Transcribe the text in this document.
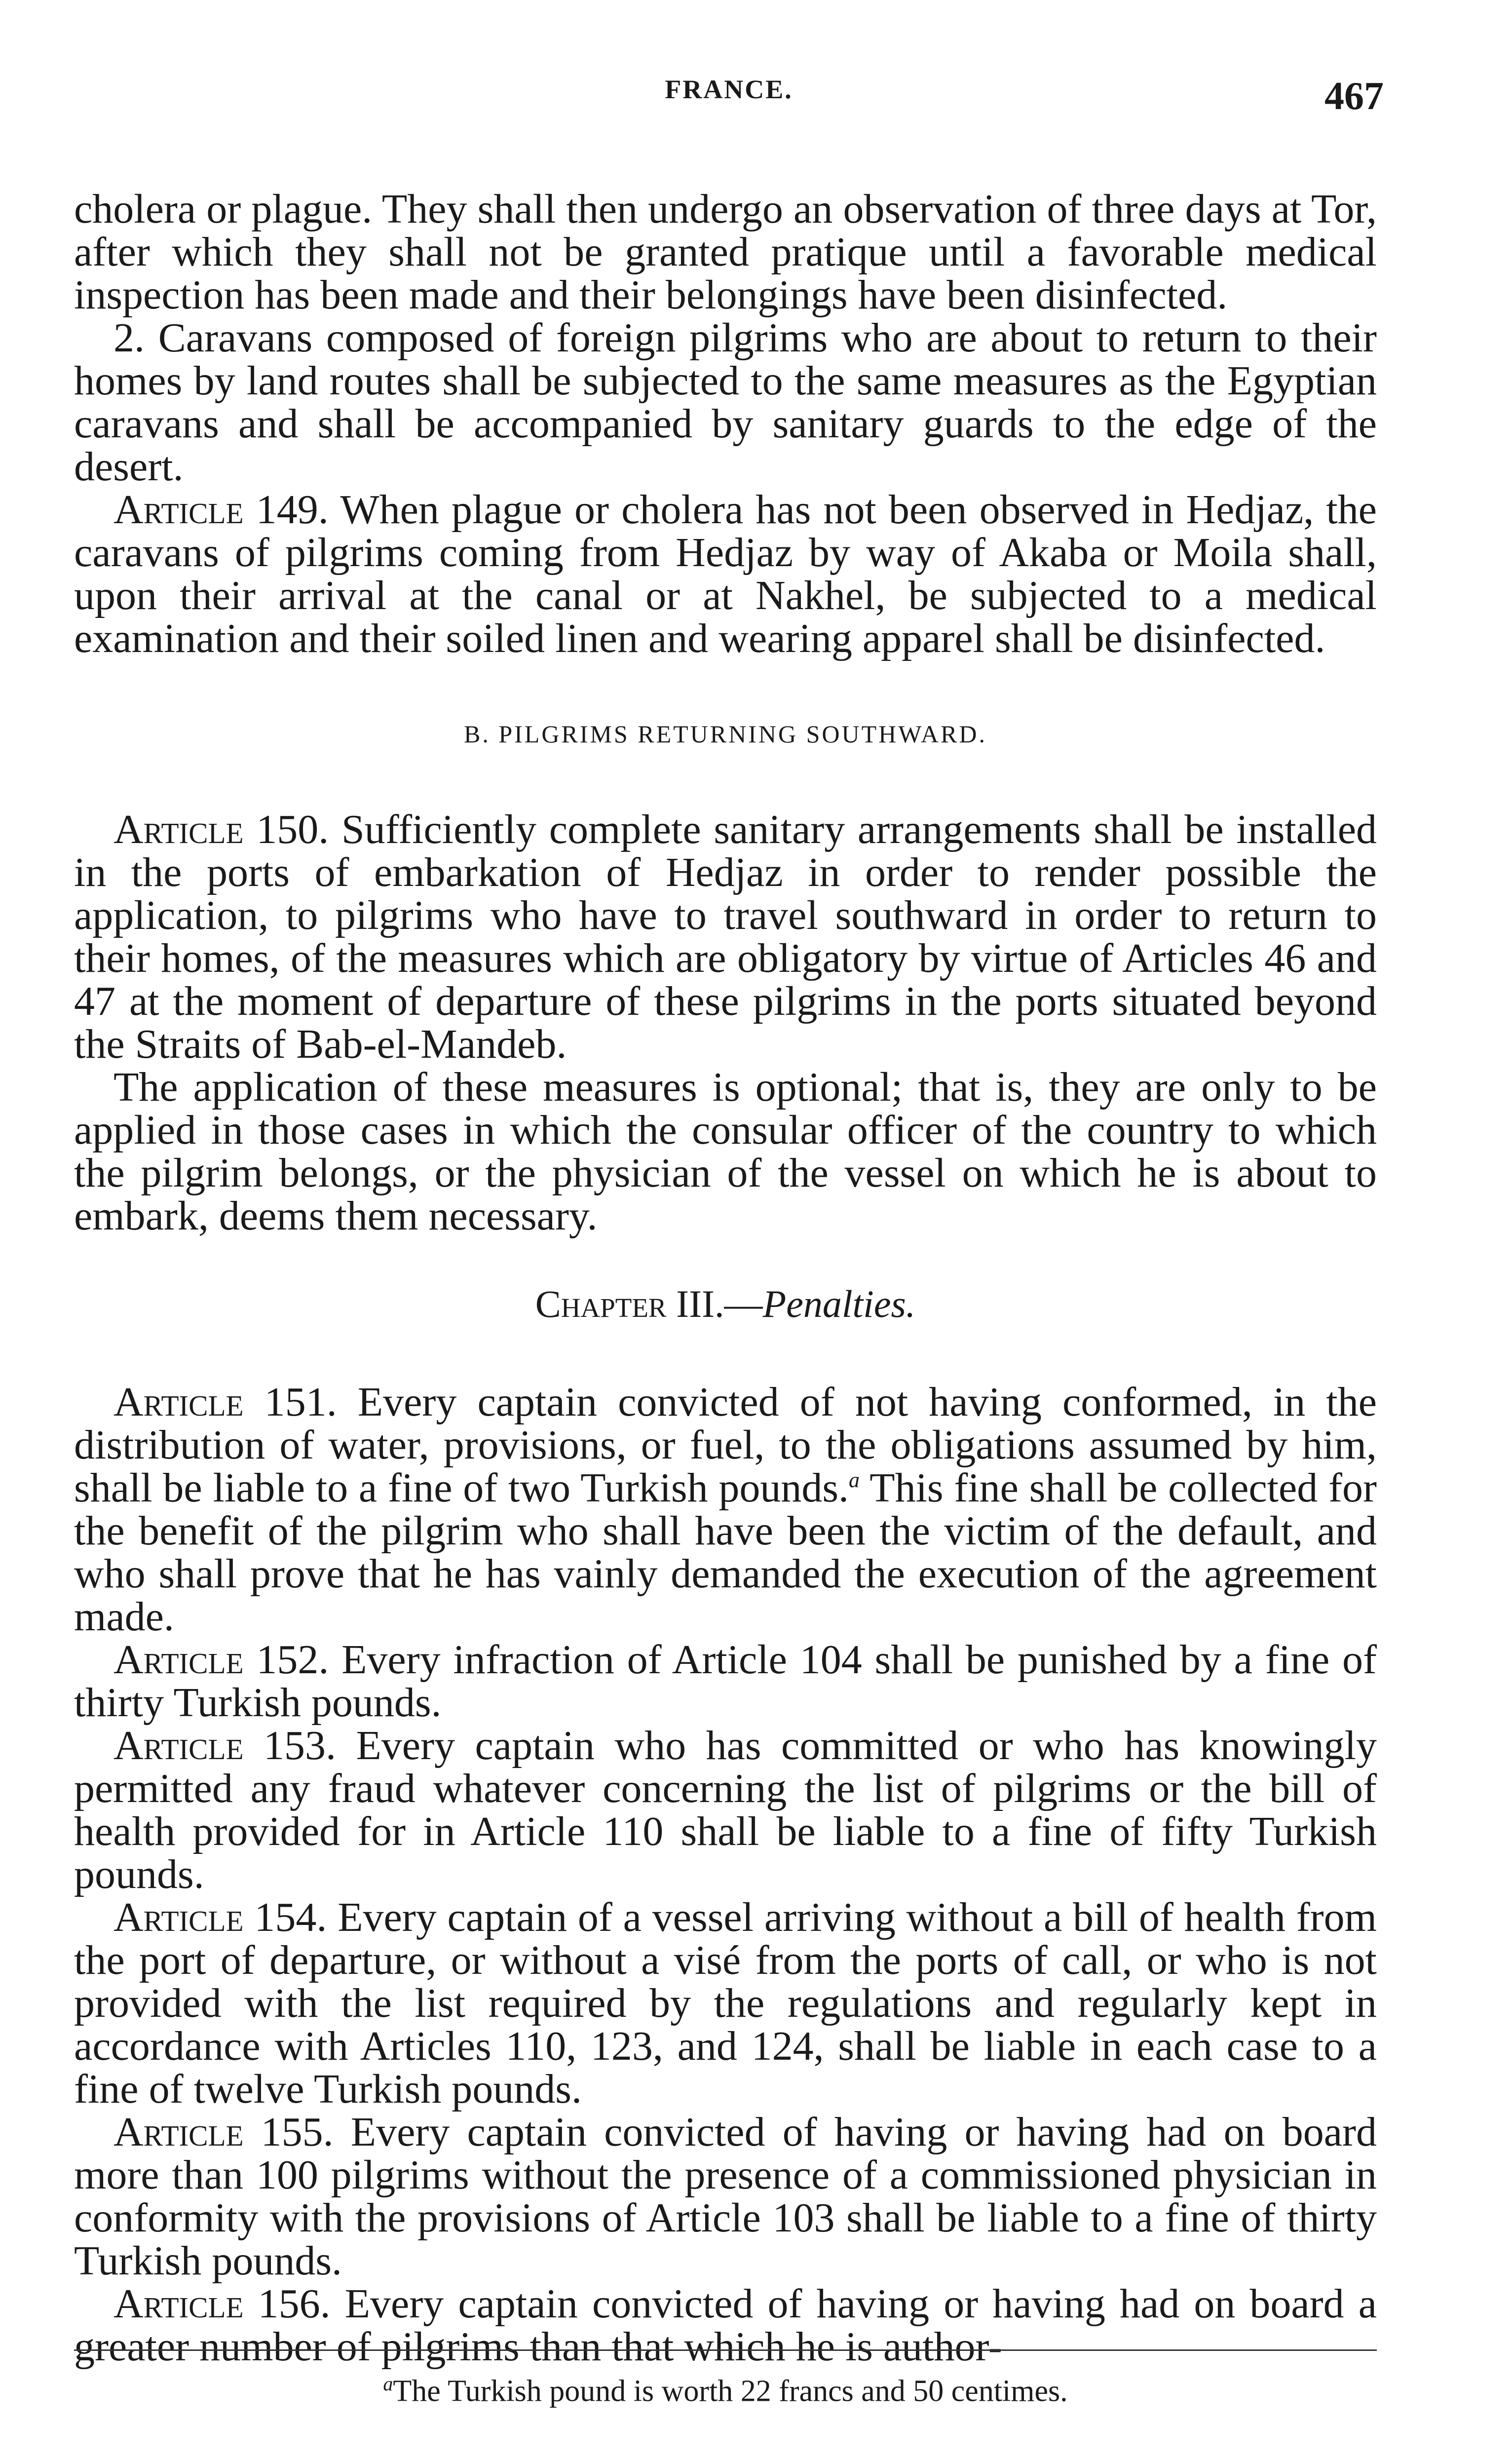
FRANCE.	467

cholera or plague. They shall then undergo an observation of three days at Tor, after which they shall not be granted pratique until a favorable medical inspection has been made and their belongings have been disinfected.

2. Caravans composed of foreign pilgrims who are about to return to their homes by land routes shall be subjected to the same measures as the Egyptian caravans and shall be accompanied by sanitary guards to the edge of the desert.

Article 149. When plague or cholera has not been observed in Hedjaz, the caravans of pilgrims coming from Hedjaz by way of Akaba or Moila shall, upon their arrival at the canal or at Nakhel, be subjected to a medical examination and their soiled linen and wearing apparel shall be disinfected.

B. PILGRIMS RETURNING SOUTHWARD.

Article 150. Sufficiently complete sanitary arrangements shall be installed in the ports of embarkation of Hedjaz in order to render possible the application, to pilgrims who have to travel southward in order to return to their homes, of the measures which are obligatory by virtue of Articles 46 and 47 at the moment of departure of these pilgrims in the ports situated beyond the Straits of Bab-el-Mandeb.

The application of these measures is optional; that is, they are only to be applied in those cases in which the consular officer of the country to which the pilgrim belongs, or the physician of the vessel on which he is about to embark, deems them necessary.

Chapter III.—Penalties.

Article 151. Every captain convicted of not having conformed, in the distribution of water, provisions, or fuel, to the obligations assumed by him, shall be liable to a fine of two Turkish pounds.$^a$ This fine shall be collected for the benefit of the pilgrim who shall have been the victim of the default, and who shall prove that he has vainly demanded the execution of the agreement made.

Article 152. Every infraction of Article 104 shall be punished by a fine of thirty Turkish pounds.

Article 153. Every captain who has committed or who has knowingly permitted any fraud whatever concerning the list of pilgrims or the bill of health provided for in Article 110 shall be liable to a fine of fifty Turkish pounds.

Article 154. Every captain of a vessel arriving without a bill of health from the port of departure, or without a visé from the ports of call, or who is not provided with the list required by the regulations and regularly kept in accordance with Articles 110, 123, and 124, shall be liable in each case to a fine of twelve Turkish pounds.

Article 155. Every captain convicted of having or having had on board more than 100 pilgrims without the presence of a commissioned physician in conformity with the provisions of Article 103 shall be liable to a fine of thirty Turkish pounds.

Article 156. Every captain convicted of having or having had on board a greater number of pilgrims than that which he is author-

$^a$The Turkish pound is worth 22 francs and 50 centimes.
